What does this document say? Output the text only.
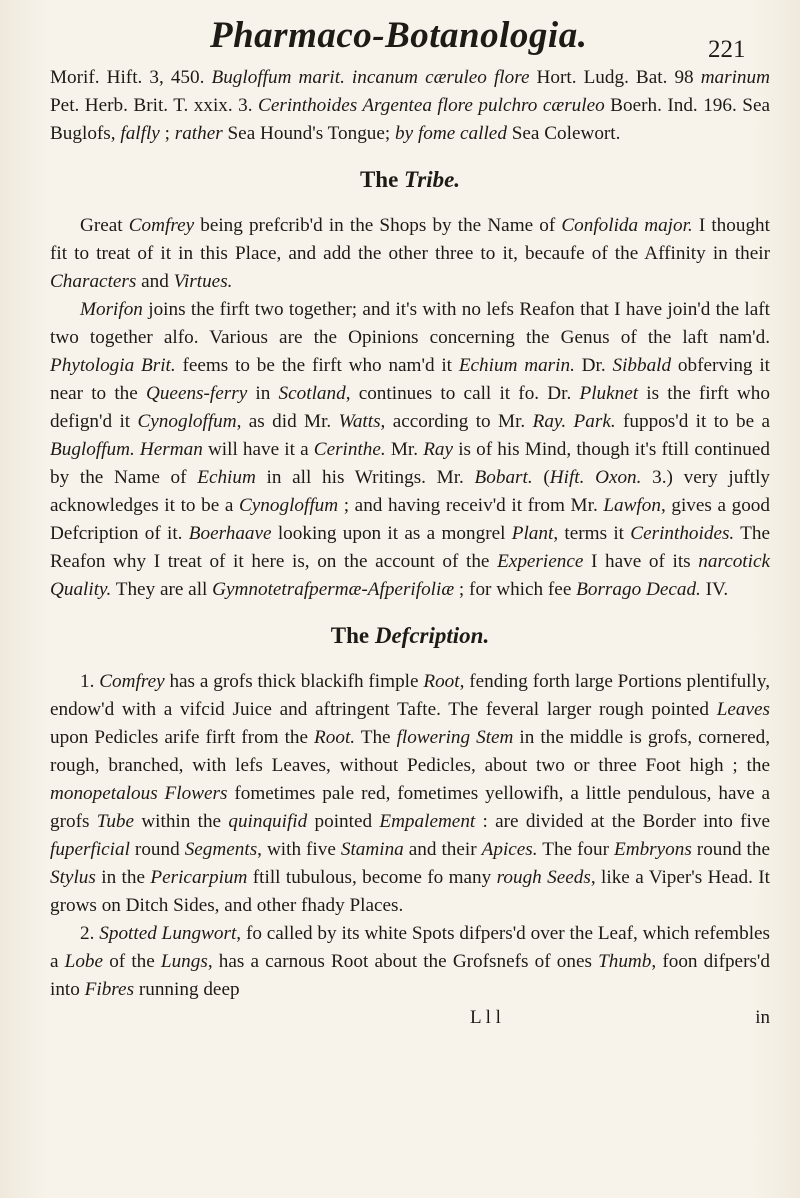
Pharmaco-Botanologia.	221

Morif. Hift. 3, 450. Bugloffum marit. incanum cæruleo flore Hort. Ludg. Bat. 98 marinum Pet. Herb. Brit. T. xxix. 3. Cerinthoides Argentea flore pulchro cæruleo Boerh. Ind. 196. Sea Buglofs, falfly ; rather Sea Hound's Tongue; by fome called Sea Colewort.

The Tribe.

Great Comfrey being prefcrib'd in the Shops by the Name of Confolida major. I thought fit to treat of it in this Place, and add the other three to it, becaufe of the Affinity in their Characters and Virtues.

Morifon joins the firft two together; and it's with no lefs Reafon that I have join'd the laft two together alfo. Various are the Opinions concerning the Genus of the laft nam'd. Phytologia Brit. feems to be the firft who nam'd it Echium marin. Dr. Sibbald obferving it near to the Queens-ferry in Scotland, continues to call it fo. Dr. Pluknet is the firft who defign'd it Cynogloffum, as did Mr. Watts, according to Mr. Ray. Park. fuppos'd it to be a Bugloffum. Herman will have it a Cerinthe. Mr. Ray is of his Mind, though it's ftill continued by the Name of Echium in all his Writings. Mr. Bobart. (Hift. Oxon. 3.) very juftly acknowledges it to be a Cynogloffum ; and having receiv'd it from Mr. Lawfon, gives a good Defcription of it. Boerhaave looking upon it as a mongrel Plant, terms it Cerinthoides. The Reafon why I treat of it here is, on the account of the Experience I have of its narcotick Quality. They are all Gymnotetrafpermæ-Afperifoliæ ; for which fee Borrago Decad. IV.

The Defcription.

1. Comfrey has a grofs thick blackifh fimple Root, fending forth large Portions plentifully, endow'd with a vifcid Juice and aftringent Tafte. The feveral larger rough pointed Leaves upon Pedicles arife firft from the Root. The flowering Stem in the middle is grofs, cornered, rough, branched, with lefs Leaves, without Pedicles, about two or three Foot high ; the monopetalous Flowers fometimes pale red, fometimes yellowifh, a little pendulous, have a grofs Tube within the quinquifid pointed Empalement : are divided at the Border into five fuperficial round Segments, with five Stamina and their Apices. The four Embryons round the Stylus in the Pericarpium ftill tubulous, become fo many rough Seeds, like a Viper's Head. It grows on Ditch Sides, and other fhady Places.

2. Spotted Lungwort, fo called by its white Spots difpers'd over the Leaf, which refembles a Lobe of the Lungs, has a carnous Root about the Grofsnefs of ones Thumb, foon difpers'd into Fibres running deep

L l l	in
